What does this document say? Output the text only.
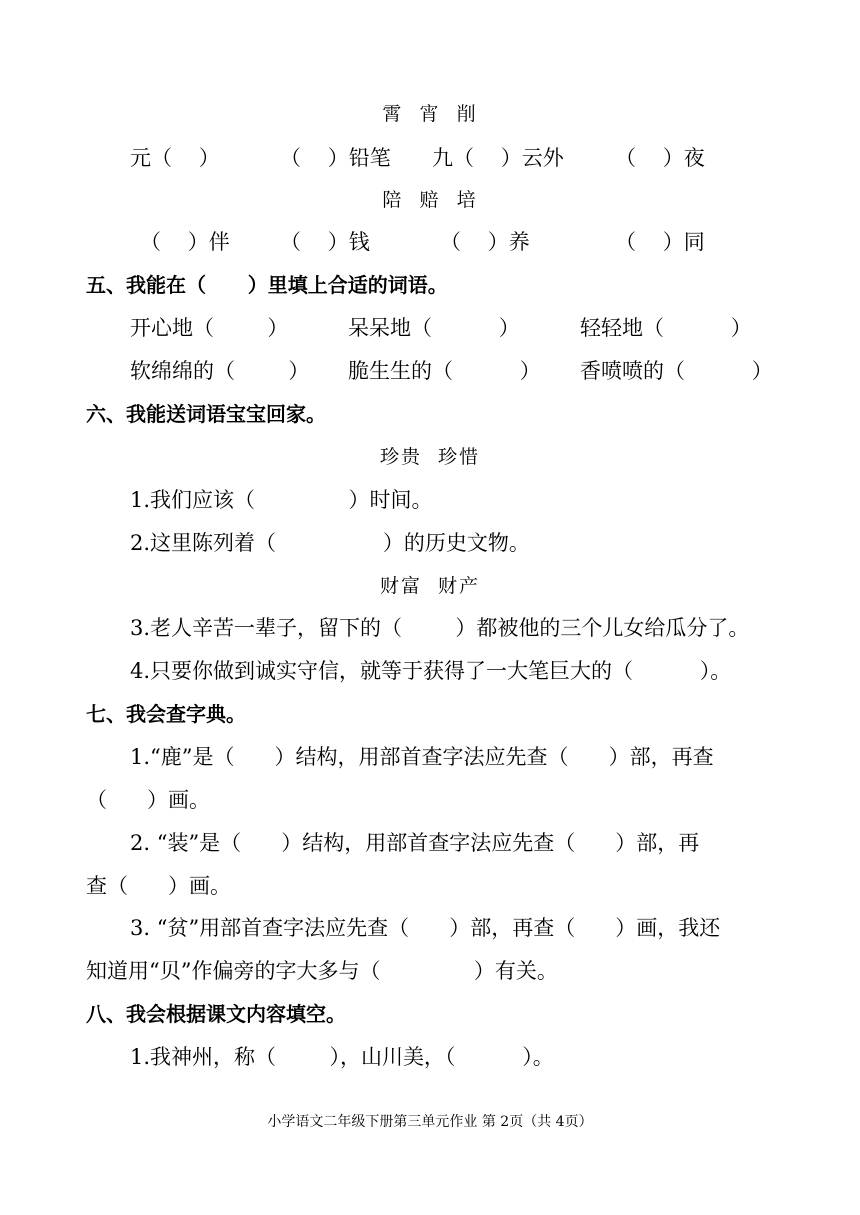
霄  宵  削
元（    ）	（    ）铅笔 九（    ）云外 （    ）夜
陪  赔  培
（    ）伴 （    ）钱	（    ）养	（    ）同
五、我能在（      ）里填上合适的词语。
开心地（        ）	呆呆地（          ）	轻轻地（          ）
软绵绵的（        ） 脆生生的（          ） 香喷喷的（          ）
六、我能送词语宝宝回家。
珍贵  珍惜
1.我们应该（              ）时间。
2.这里陈列着（                ）的历史文物。
财富  财产
3.老人辛苦一辈子，留下的（        ）都被他的三个儿女给瓜分了。
4.只要你做到诚实守信，就等于获得了一大笔巨大的（          ）。
七、我会查字典。
1.“鹿”是（      ）结构，用部首查字法应先查（      ）部，再查
（      ）画。
2. “装”是（      ）结构，用部首查字法应先查（      ）部，再
查（      ）画。
3. “贫”用部首查字法应先查（      ）部，再查（      ）画，我还
知道用“贝”作偏旁的字大多与（              ）有关。
八、我会根据课文内容填空。
1.我神州，称（        ），山川美，（          ）。
小学语文二年级下册第三单元作业 第 2页（共 4页）
